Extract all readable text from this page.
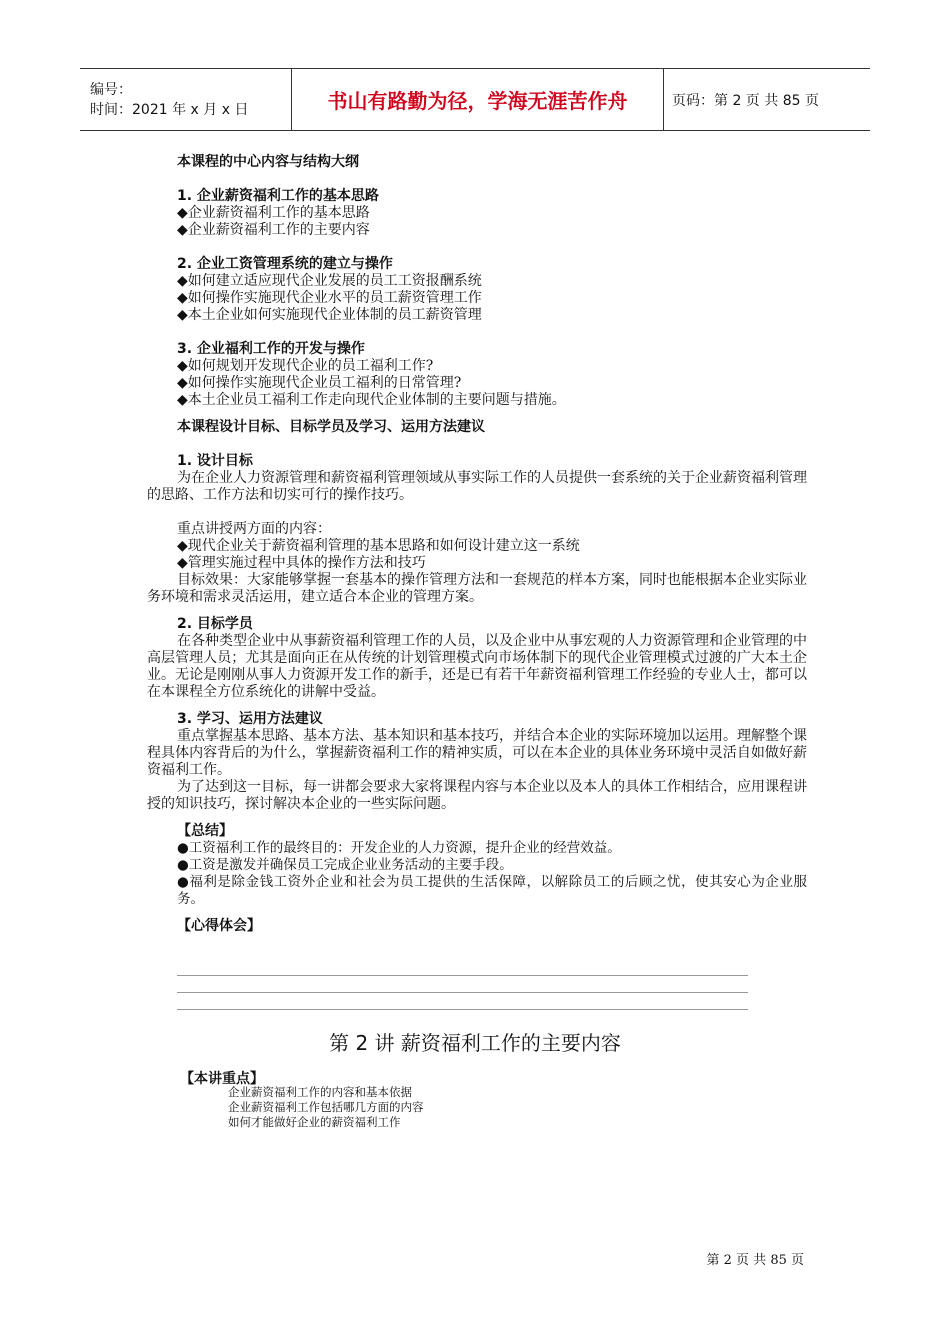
编号：
时间：2021 年 x 月 x 日	书山有路勤为径，学海无涯苦作舟	页码：第 2 页 共 85 页

本课程的中心内容与结构大纲

1. 企业薪资福利工作的基本思路

◆企业薪资福利工作的基本思路

◆企业薪资福利工作的主要内容

2. 企业工资管理系统的建立与操作

◆如何建立适应现代企业发展的员工工资报酬系统

◆如何操作实施现代企业水平的员工薪资管理工作

◆本土企业如何实施现代企业体制的员工薪资管理

3. 企业福利工作的开发与操作

◆如何规划开发现代企业的员工福利工作?

◆如何操作实施现代企业员工福利的日常管理?

◆本土企业员工福利工作走向现代企业体制的主要问题与措施。

本课程设计目标、目标学员及学习、运用方法建议

1. 设计目标

为在企业人力资源管理和薪资福利管理领域从事实际工作的人员提供一套系统的关于企业薪资福利管理的思路、工作方法和切实可行的操作技巧。

重点讲授两方面的内容：

◆现代企业关于薪资福利管理的基本思路和如何设计建立这一系统

◆管理实施过程中具体的操作方法和技巧

目标效果：大家能够掌握一套基本的操作管理方法和一套规范的样本方案，同时也能根据本企业实际业务环境和需求灵活运用，建立适合本企业的管理方案。

2. 目标学员

在各种类型企业中从事薪资福利管理工作的人员，以及企业中从事宏观的人力资源管理和企业管理的中高层管理人员；尤其是面向正在从传统的计划管理模式向市场体制下的现代企业管理模式过渡的广大本土企业。无论是刚刚从事人力资源开发工作的新手，还是已有若干年薪资福利管理工作经验的专业人士，都可以在本课程全方位系统化的讲解中受益。

3. 学习、运用方法建议

重点掌握基本思路、基本方法、基本知识和基本技巧，并结合本企业的实际环境加以运用。理解整个课程具体内容背后的为什么，掌握薪资福利工作的精神实质，可以在本企业的具体业务环境中灵活自如做好薪资福利工作。

为了达到这一目标，每一讲都会要求大家将课程内容与本企业以及本人的具体工作相结合，应用课程讲授的知识技巧，探讨解决本企业的一些实际问题。

【总结】

●工资福利工作的最终目的：开发企业的人力资源，提升企业的经营效益。

●工资是激发并确保员工完成企业业务活动的主要手段。

●福利是除金钱工资外企业和社会为员工提供的生活保障，以解除员工的后顾之忧，使其安心为企业服务。

【心得体会】

第 2 讲 薪资福利工作的主要内容
【本讲重点】
企业薪资福利工作的内容和基本依据
企业薪资福利工作包括哪几方面的内容
如何才能做好企业的薪资福利工作
第 2 页 共 85 页
